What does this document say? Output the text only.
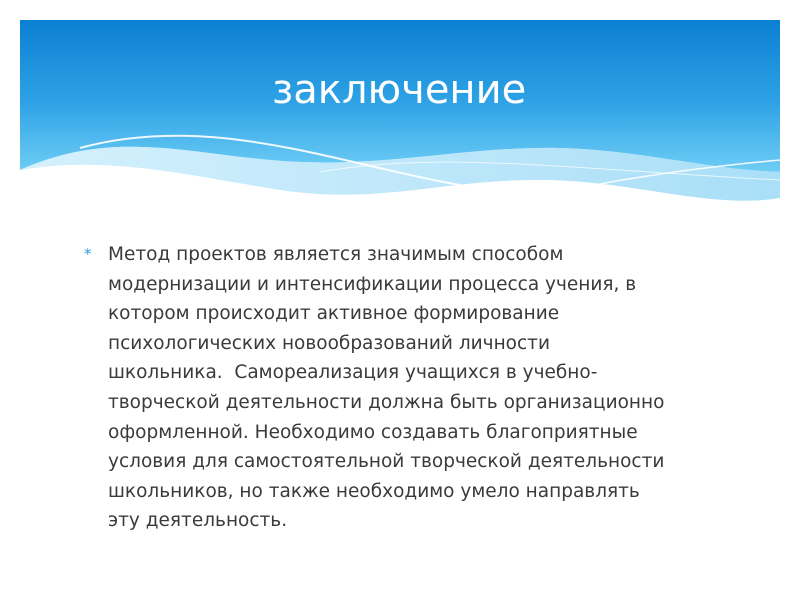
заключение
* Метод проектов является значимым способом
модернизации и интенсификации процесса учения, в
котором происходит активное формирование
психологических новообразований личности
школьника.  Самореализация учащихся в учебно-
творческой деятельности должна быть организационно
оформленной. Необходимо создавать благоприятные
условия для самостоятельной творческой деятельности
школьников, но также необходимо умело направлять
эту деятельность.
